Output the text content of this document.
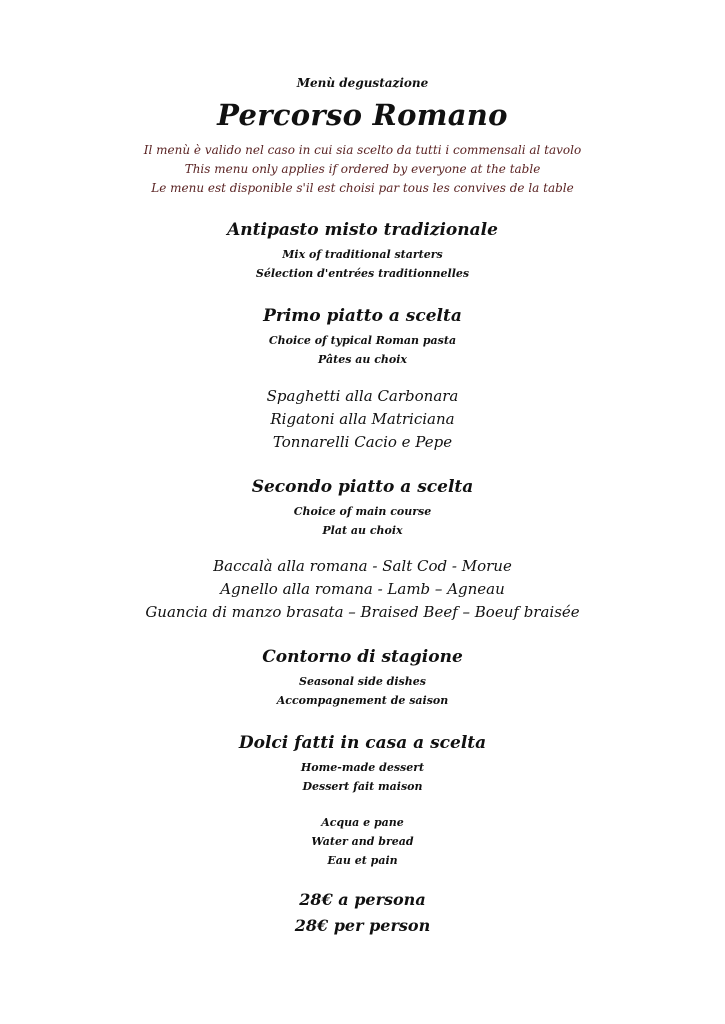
Menù degustazione
Percorso Romano
Il menù è valido nel caso in cui sia scelto da tutti i commensali al tavolo
This menu only applies if ordered by everyone at the table
Le menu est disponible s'il est choisi par tous les convives de la table
Antipasto misto tradizionale
Mix of traditional starters
Sélection d'entrées traditionnelles
Primo piatto a scelta
Choice of typical Roman pasta
Pâtes au choix
Spaghetti alla Carbonara
Rigatoni alla Matriciana
Tonnarelli Cacio e Pepe
Secondo piatto a scelta
Choice of main course
Plat au choix
Baccalà alla romana - Salt Cod - Morue
Agnello alla romana - Lamb – Agneau
Guancia di manzo brasata – Braised Beef – Boeuf braisée
Contorno di stagione
Seasonal side dishes
Accompagnement de saison
Dolci fatti in casa a scelta
Home-made dessert
Dessert fait maison
Acqua e pane
Water and bread
Eau et pain
28€ a persona
28€ per person
